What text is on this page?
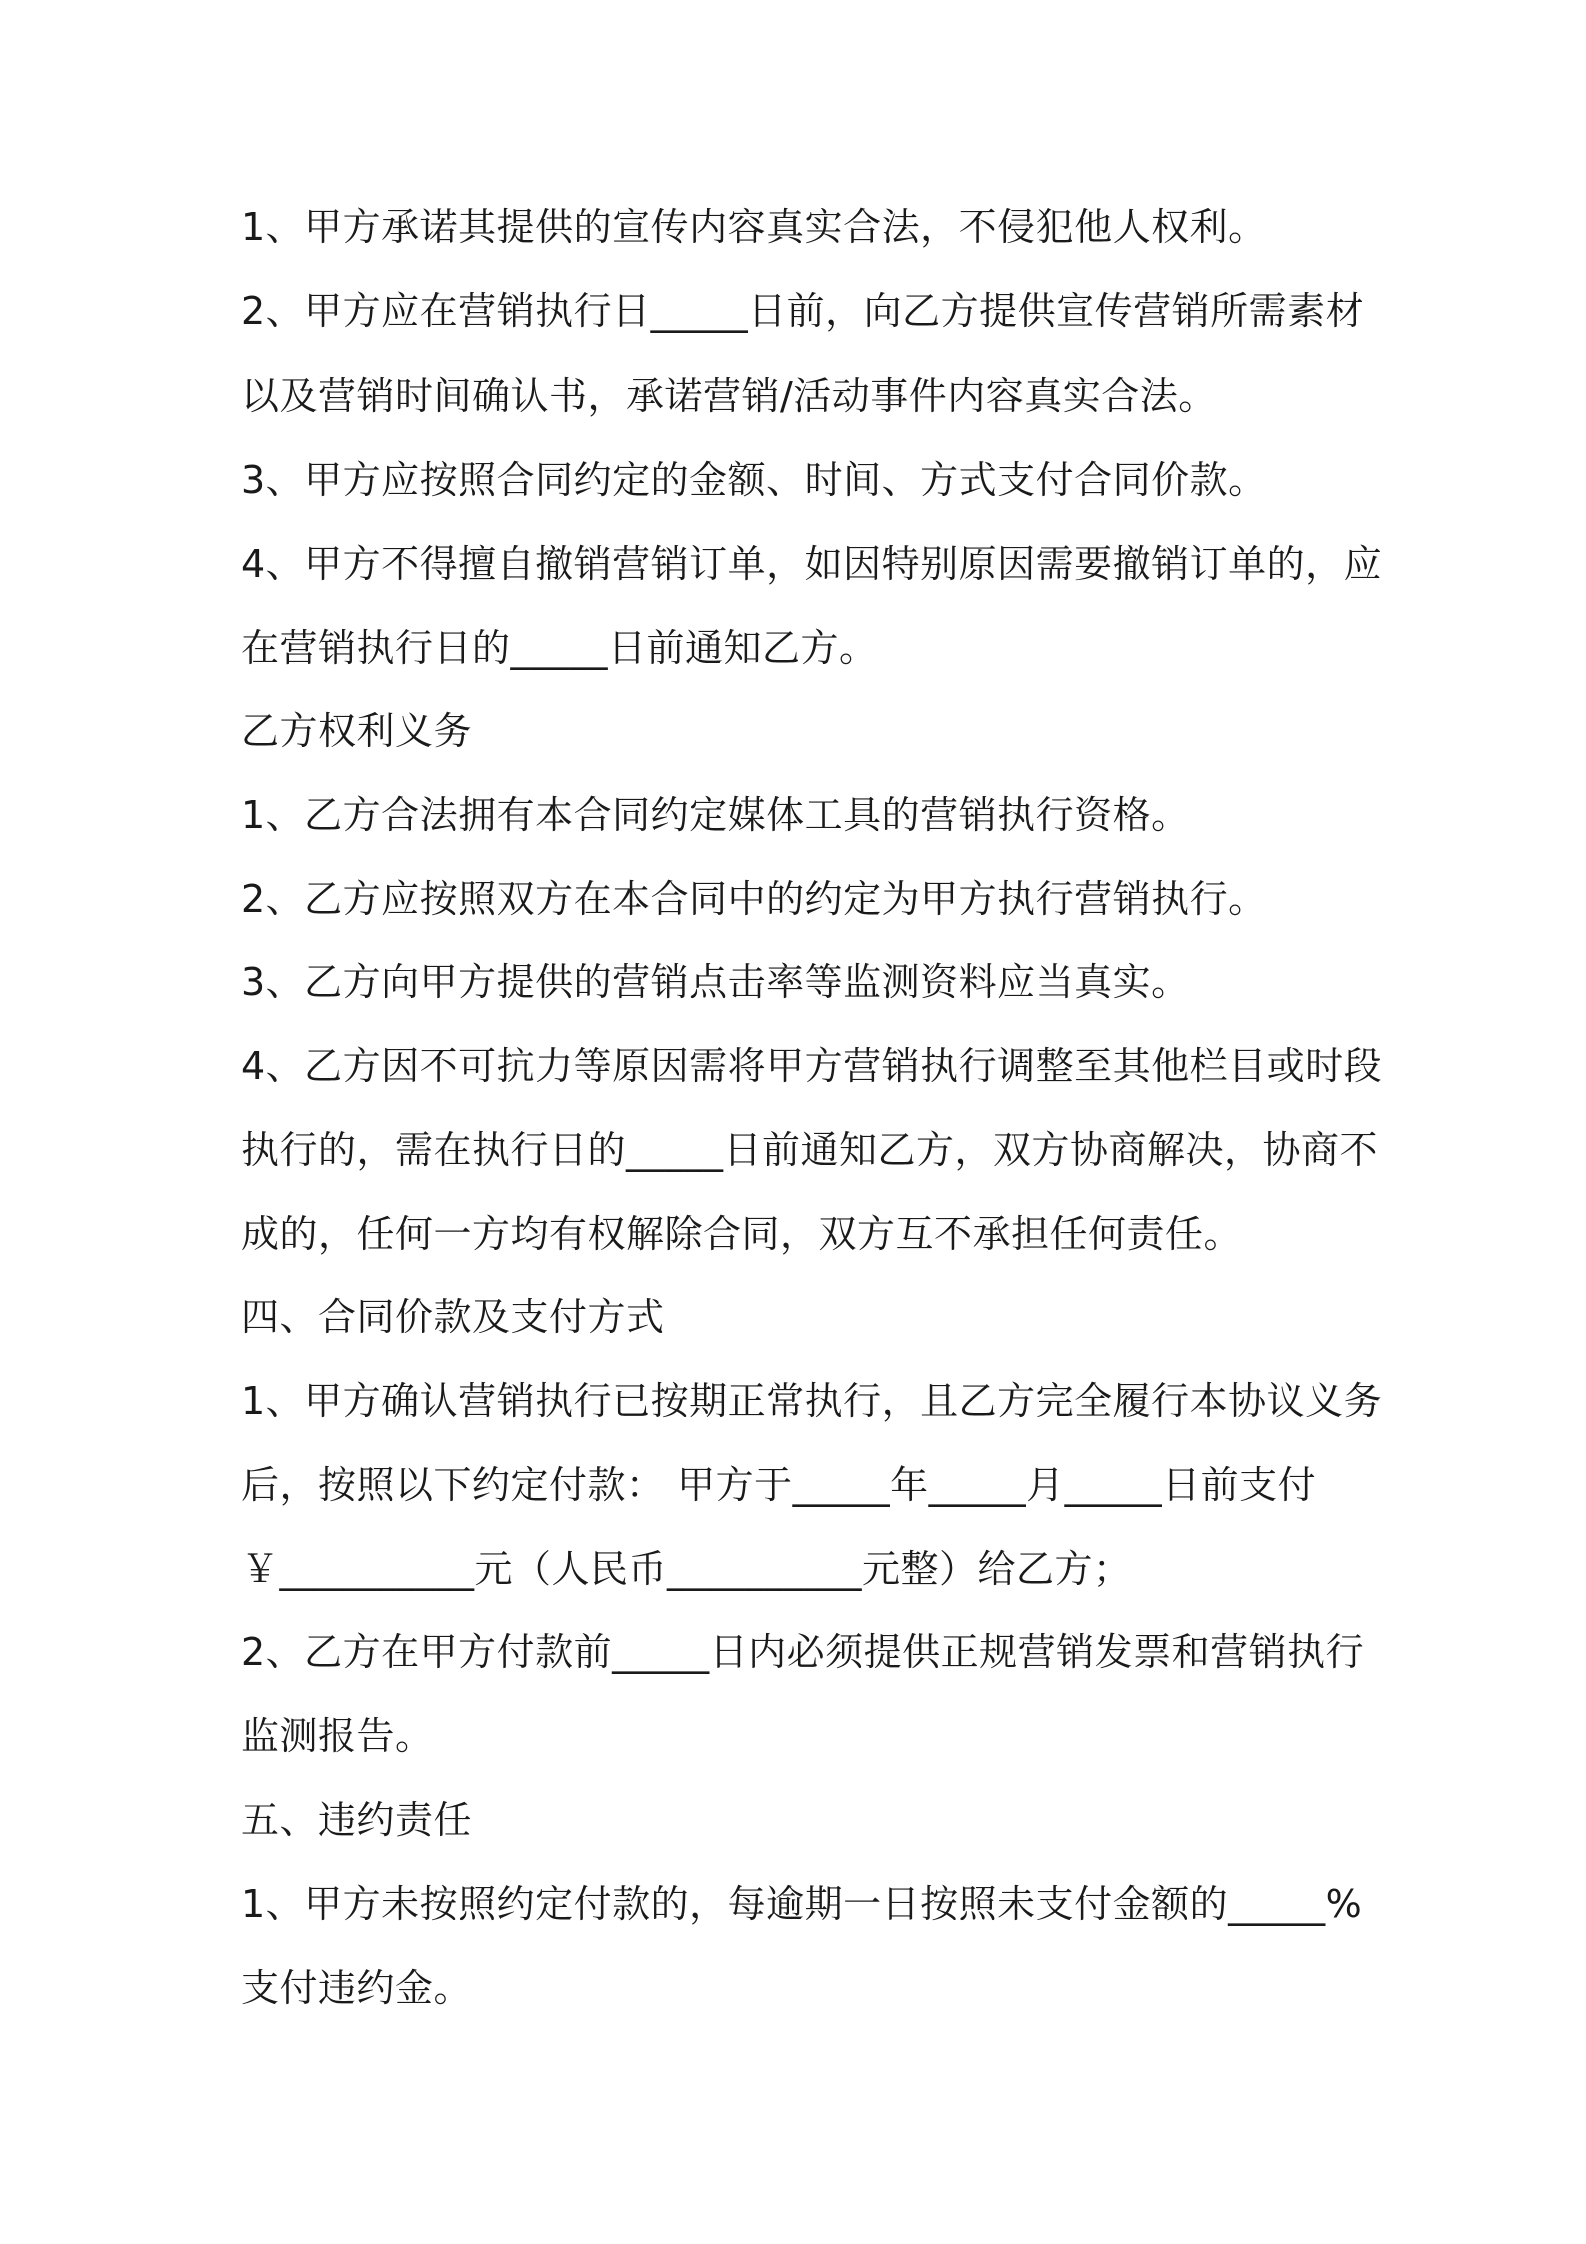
1、甲方承诺其提供的宣传内容真实合法，不侵犯他人权利。
2、甲方应在营销执行日_____日前，向乙方提供宣传营销所需素材
以及营销时间确认书，承诺营销/活动事件内容真实合法。
3、甲方应按照合同约定的金额、时间、方式支付合同价款。
4、甲方不得擅自撤销营销订单，如因特别原因需要撤销订单的，应
在营销执行日的_____日前通知乙方。
乙方权利义务
1、乙方合法拥有本合同约定媒体工具的营销执行资格。
2、乙方应按照双方在本合同中的约定为甲方执行营销执行。
3、乙方向甲方提供的营销点击率等监测资料应当真实。
4、乙方因不可抗力等原因需将甲方营销执行调整至其他栏目或时段
执行的，需在执行日的_____日前通知乙方，双方协商解决，协商不
成的，任何一方均有权解除合同，双方互不承担任何责任。
四、合同价款及支付方式
1、甲方确认营销执行已按期正常执行，且乙方完全履行本协议义务
后，按照以下约定付款： 甲方于_____年_____月_____日前支付
￥__________元（人民币__________元整）给乙方；
2、乙方在甲方付款前_____日内必须提供正规营销发票和营销执行
监测报告。
五、违约责任
1、甲方未按照约定付款的，每逾期一日按照未支付金额的_____%
支付违约金。
